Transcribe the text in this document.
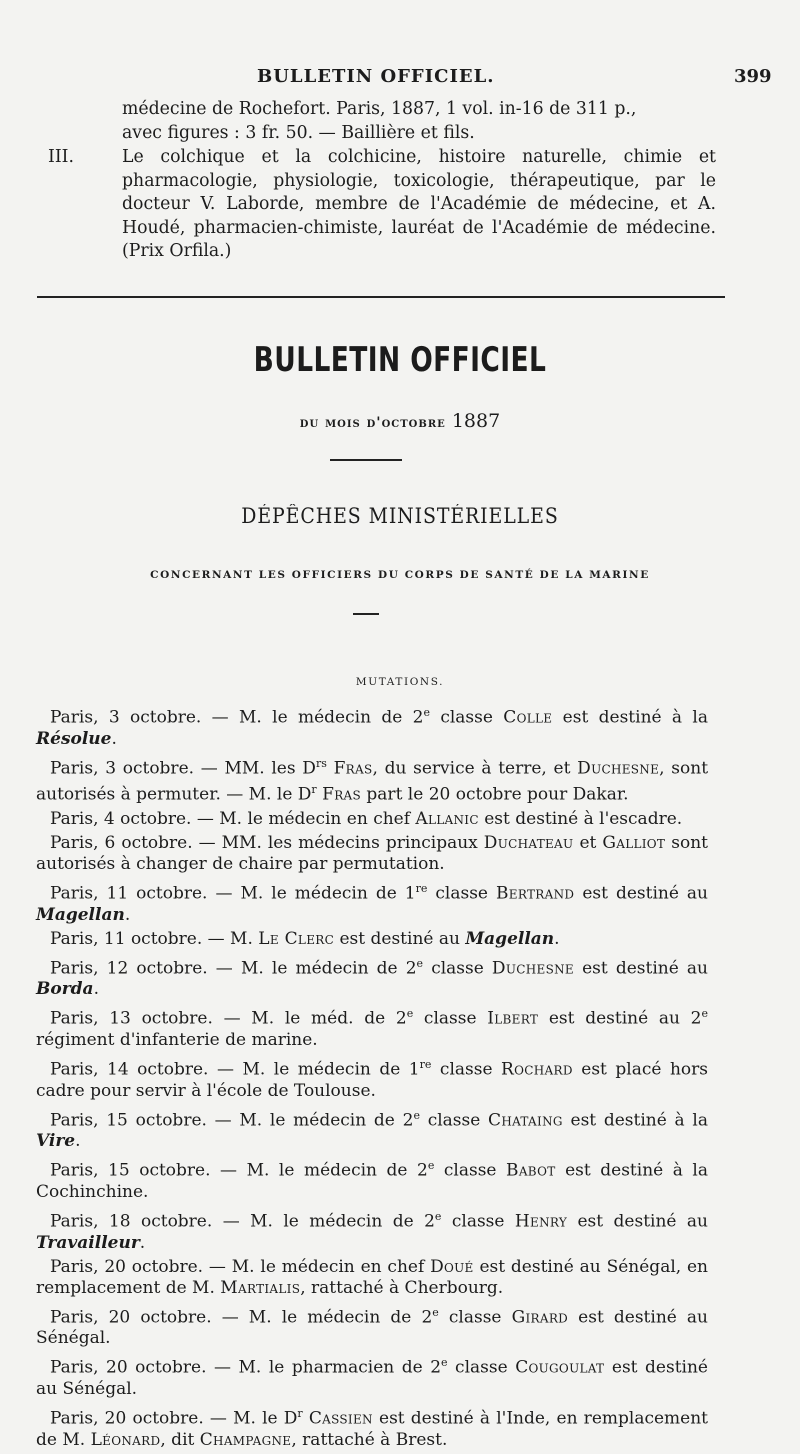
BULLETIN OFFICIEL.	399
médecine de Rochefort. Paris, 1887, 1 vol. in-16 de 311 p.,
avec figures : 3 fr. 50. — Baillière et fils.
III.	Le colchique et la colchicine, histoire naturelle, chimie et pharmacologie, physiologie, toxicologie, thérapeutique, par le docteur V. Laborde, membre de l'Académie de médecine, et A. Houdé, pharmacien-chimiste, lauréat de l'Académie de médecine. (Prix Orfila.)
BULLETIN OFFICIEL
du mois d'octobre 1887
DÉPÊCHES MINISTÉRIELLES
CONCERNANT LES OFFICIERS DU CORPS DE SANTÉ DE LA MARINE
MUTATIONS.
Paris, 3 octobre. — M. le médecin de 2e classe Colle est destiné à la Résolue.
Paris, 3 octobre. — MM. les $D^{rs}$ Fras, du service à terre, et Duchesne, sont autorisés à permuter. — M. le $D^r$ Fras part le 20 octobre pour Dakar.
Paris, 4 octobre. — M. le médecin en chef Allanic est destiné à l'escadre.
Paris, 6 octobre. — MM. les médecins principaux Duchateau et Galliot sont autorisés à changer de chaire par permutation.
Paris, 11 octobre. — M. le médecin de 1re classe Bertrand est destiné au Magellan.
Paris, 11 octobre. — M. Le Clerc est destiné au Magellan.
Paris, 12 octobre. — M. le médecin de 2e classe Duchesne est destiné au Borda.
Paris, 13 octobre. — M. le méd. de 2e classe Ilbert est destiné au 2e régiment d'infanterie de marine.
Paris, 14 octobre. — M. le médecin de 1re classe Rochard est placé hors cadre pour servir à l'école de Toulouse.
Paris, 15 octobre. — M. le médecin de 2e classe Chataing est destiné à la Vire.
Paris, 15 octobre. — M. le médecin de 2e classe Babot est destiné à la Cochinchine.
Paris, 18 octobre. — M. le médecin de 2e classe Henry est destiné au Travailleur.
Paris, 20 octobre. — M. le médecin en chef Doué est destiné au Sénégal, en remplacement de M. Martialis, rattaché à Cherbourg.
Paris, 20 octobre. — M. le médecin de 2e classe Girard est destiné au Sénégal.
Paris, 20 octobre. — M. le pharmacien de 2e classe Cougoulat est destiné au Sénégal.
Paris, 20 octobre. — M. le $D^r$ Cassien est destiné à l'Inde, en remplacement de M. Léonard, dit Champagne, rattaché à Brest.
